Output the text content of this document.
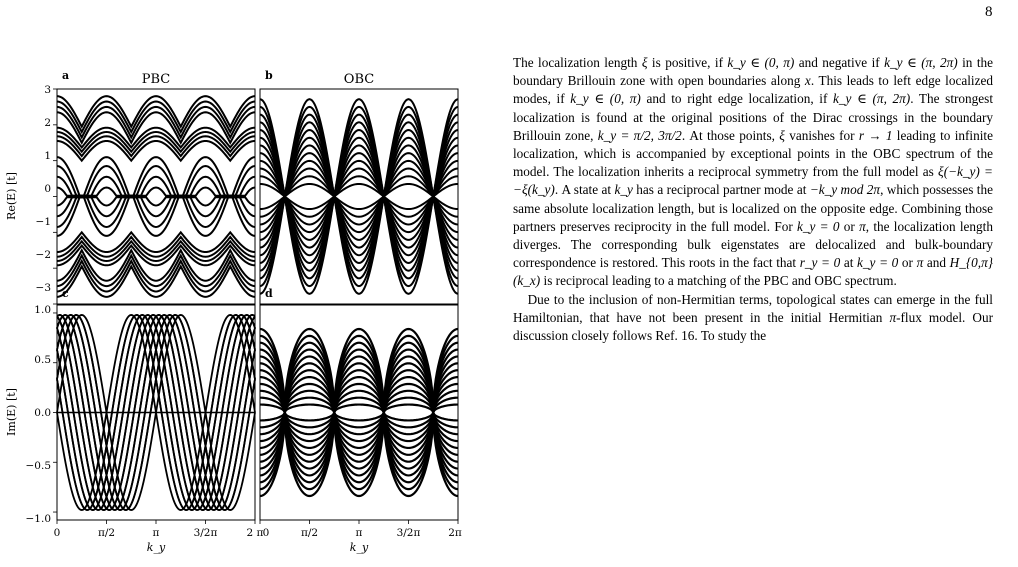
8
a	PBC	b	OBC
c	d
3
2
1
0
−1
−2
−3
1.0
0.5
0.0
−0.5
−1.0
Re(E) [t]
Im(E) [t]
0	π/2	π	3/2π	2 π 0	π/2	π	3/2π	2π
k_y	k_y

The localization length ξ is positive, if k_y ∈ (0, π) and negative if k_y ∈ (π, 2π) in the boundary Brillouin zone with open boundaries along x. This leads to left edge localized modes, if k_y ∈ (0, π) and to right edge localization, if k_y ∈ (π, 2π). The strongest localization is found at the original positions of the Dirac crossings in the boundary Brillouin zone, k_y = π/2, 3π/2. At those points, ξ vanishes for r → 1 leading to infinite localization, which is accompanied by exceptional points in the OBC spectrum of the model. The localization inherits a reciprocal symmetry from the full model as ξ(−k_y) = −ξ(k_y). A state at k_y has a reciprocal partner mode at −k_y mod 2π, which possesses the same absolute localization length, but is localized on the opposite edge. Combining those partners preserves reciprocity in the full model. For k_y = 0 or π, the localization length diverges. The corresponding bulk eigenstates are delocalized and bulk-boundary correspondence is restored. This roots in the fact that r_y = 0 at k_y = 0 or π and H_{0,π}(k_x) is reciprocal leading to a matching of the PBC and OBC spectrum.

Due to the inclusion of non-Hermitian terms, topological states can emerge in the full Hamiltonian, that have not been present in the initial Hermitian π-flux model. Our discussion closely follows Ref. 16. To study the
